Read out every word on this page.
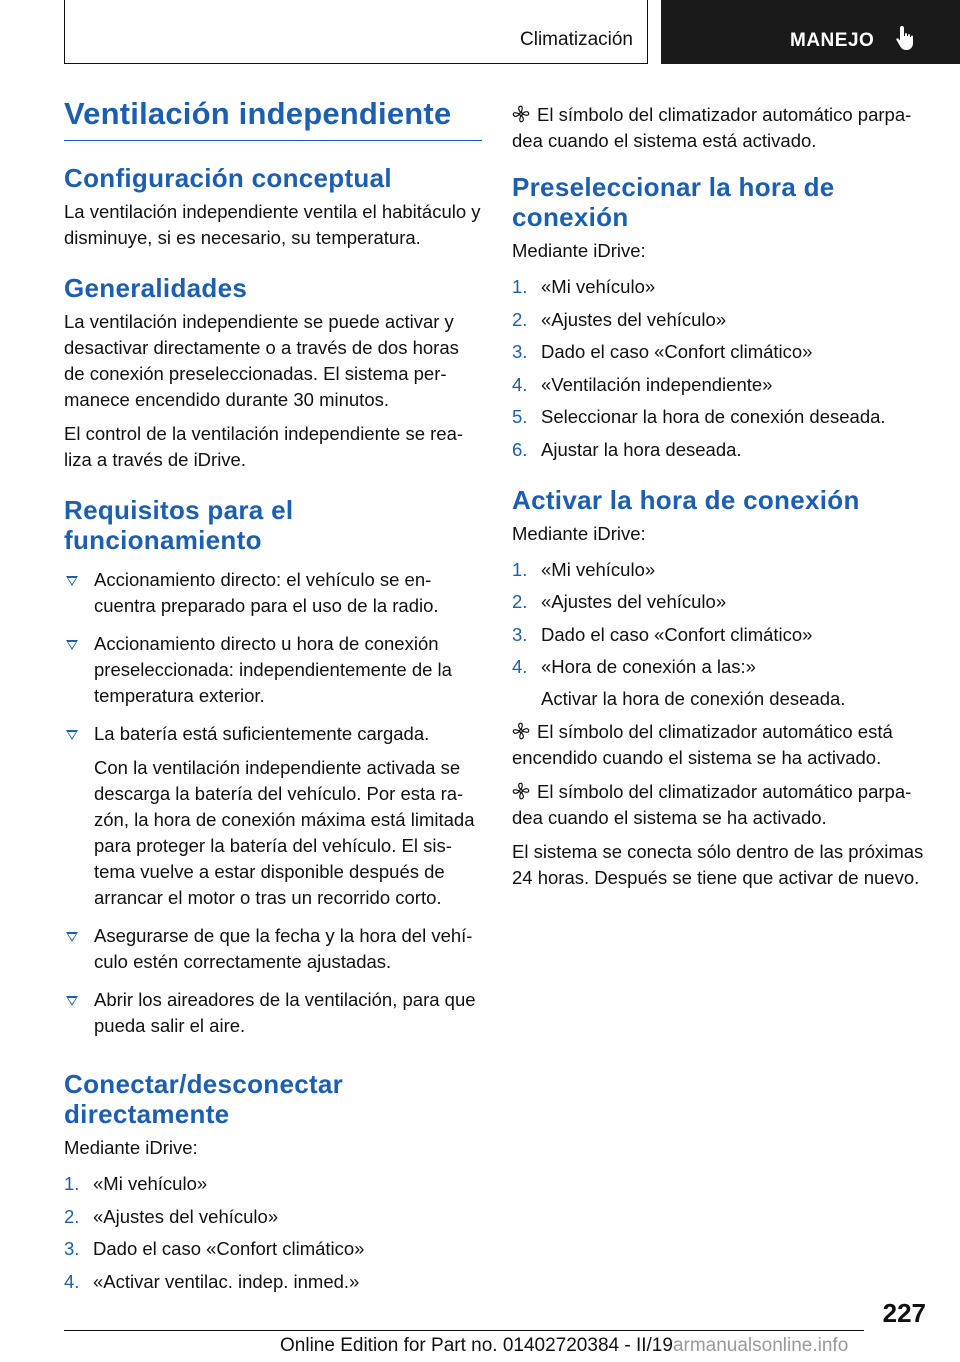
Climatización	MANEJO
Ventilación independiente
Configuración conceptual

La ventilación independiente ventila el habitáculo y disminuye, si es necesario, su temperatura.

Generalidades

La ventilación independiente se puede activar y desactivar directamente o a través de dos horas de conexión preseleccionadas. El sistema permanece encendido durante 30 minutos.

El control de la ventilación independiente se realiza a través de iDrive.

Requisitos para el funcionamiento
Accionamiento directo: el vehículo se encuentra preparado para el uso de la radio.
Accionamiento directo u hora de conexión preseleccionada: independientemente de la temperatura exterior.
La batería está suficientemente cargada.

Con la ventilación independiente activada se descarga la batería del vehículo. Por esta razón, la hora de conexión máxima está limitada para proteger la batería del vehículo. El sistema vuelve a estar disponible después de arrancar el motor o tras un recorrido corto.

Asegurarse de que la fecha y la hora del vehículo estén correctamente ajustadas.
Abrir los aireadores de la ventilación, para que pueda salir el aire.
Conectar/desconectar directamente

Mediante iDrive:

1. «Mi vehículo»
2. «Ajustes del vehículo»
3. Dado el caso «Confort climático»
4. «Activar ventilac. indep. inmed.»

El símbolo del climatizador automático parpadea cuando el sistema está activado.

Preseleccionar la hora de conexión

Mediante iDrive:

1. «Mi vehículo»
2. «Ajustes del vehículo»
3. Dado el caso «Confort climático»
4. «Ventilación independiente»
5. Seleccionar la hora de conexión deseada.
6. Ajustar la hora deseada.
Activar la hora de conexión

Mediante iDrive:

1. «Mi vehículo»
2. «Ajustes del vehículo»
3. Dado el caso «Confort climático»
4. «Hora de conexión a las:»

Activar la hora de conexión deseada.

El símbolo del climatizador automático está encendido cuando el sistema se ha activado.

El símbolo del climatizador automático parpadea cuando el sistema se ha activado.

El sistema se conecta sólo dentro de las próximas 24 horas. Después se tiene que activar de nuevo.

227
Online Edition for Part no. 01402720384 - II/19armanualsonline.info
